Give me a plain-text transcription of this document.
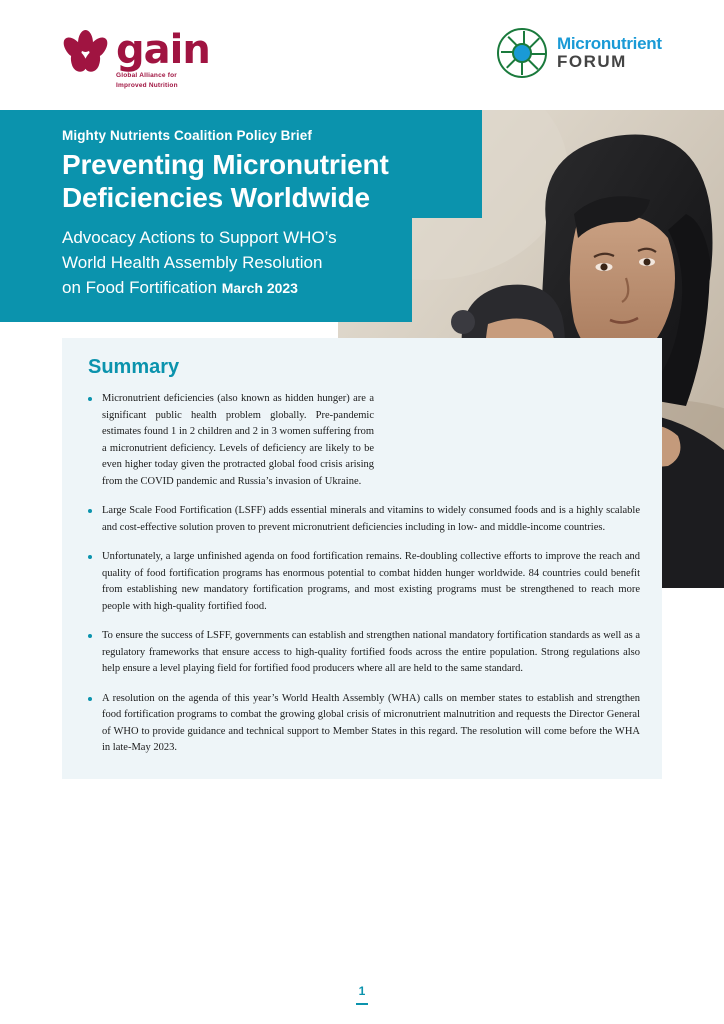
gain
Global Alliance for
Improved Nutrition
Micronutrient
FORUM
Mighty Nutrients Coalition Policy Brief
Preventing Micronutrient
Deficiencies Worldwide
Advocacy Actions to Support WHO’s
World Health Assembly Resolution
on Food Fortification March 2023
Summary
Micronutrient deficiencies (also known as hidden hunger) are a significant public health problem globally. Pre-pandemic estimates found 1 in 2 children and 2 in 3 women suffering from a micronutrient deficiency. Levels of deficiency are likely to be even higher today given the protracted global food crisis arising from the COVID pandemic and Russia’s invasion of Ukraine.
Large Scale Food Fortification (LSFF) adds essential minerals and vitamins to widely consumed foods and is a highly scalable and cost-effective solution proven to prevent micronutrient deficiencies including in low- and middle-income countries.
Unfortunately, a large unfinished agenda on food fortification remains. Re-doubling collective efforts to improve the reach and quality of food fortification programs has enormous potential to combat hidden hunger worldwide. 84 countries could benefit from establishing new mandatory fortification programs, and most existing programs must be strengthened to reach more people with high-quality fortified food.
To ensure the success of LSFF, governments can establish and strengthen national mandatory fortification standards as well as a regulatory frameworks that ensure access to high-quality fortified foods across the entire population. Strong regulations also help ensure a level playing field for fortified food producers where all are held to the same standard.
A resolution on the agenda of this year’s World Health Assembly (WHA) calls on member states to establish and strengthen food fortification programs to combat the growing global crisis of micronutrient malnutrition and requests the Director General of WHO to provide guidance and technical support to Member States in this regard. The resolution will come before the WHA in late-May 2023.
1
